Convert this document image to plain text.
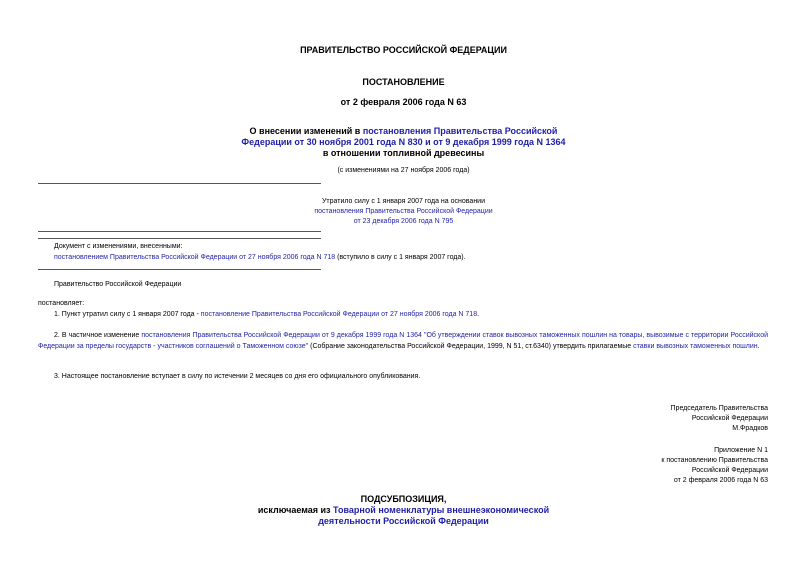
ПРАВИТЕЛЬСТВО РОССИЙСКОЙ ФЕДЕРАЦИИ
ПОСТАНОВЛЕНИЕ
от 2 февраля 2006 года N 63
О внесении изменений в постановления Правительства Российской
Федерации от 30 ноября 2001 года N 830 и от 9 декабря 1999 года N 1364
в отношении топливной древесины
(с изменениями на 27 ноября 2006 года)
Утратило силу с 1 января 2007 года на основании
постановления Правительства Российской Федерации
от 23 декабря 2006 года N 795
Документ с изменениями, внесенными:
постановлением Правительства Российской Федерации от 27 ноября 2006 года N 718 (вступило в силу с 1 января 2007 года).
Правительство Российской Федерации
постановляет:
1. Пункт утратил силу с 1 января 2007 года - постановление Правительства Российской Федерации от 27 ноября 2006 года N 718.
2. В частичное изменение постановления Правительства Российской Федерации от 9 декабря 1999 года N 1364 "Об утверждении ставок вывозных таможенных пошлин на товары, вывозимые с территории Российской Федерации за пределы государств - участников соглашений о Таможенном союзе" (Собрание законодательства Российской Федерации, 1999, N 51, ст.6340) утвердить прилагаемые ставки вывозных таможенных пошлин.
3. Настоящее постановление вступает в силу по истечении 2 месяцев со дня его официального опубликования.
Председатель Правительства
Российской Федерации
М.Фрадков
Приложение N 1
к постановлению Правительства
Российской Федерации
от 2 февраля 2006 года N 63
ПОДСУБПОЗИЦИЯ,
исключаемая из Товарной номенклатуры внешнеэкономической
деятельности Российской Федерации
